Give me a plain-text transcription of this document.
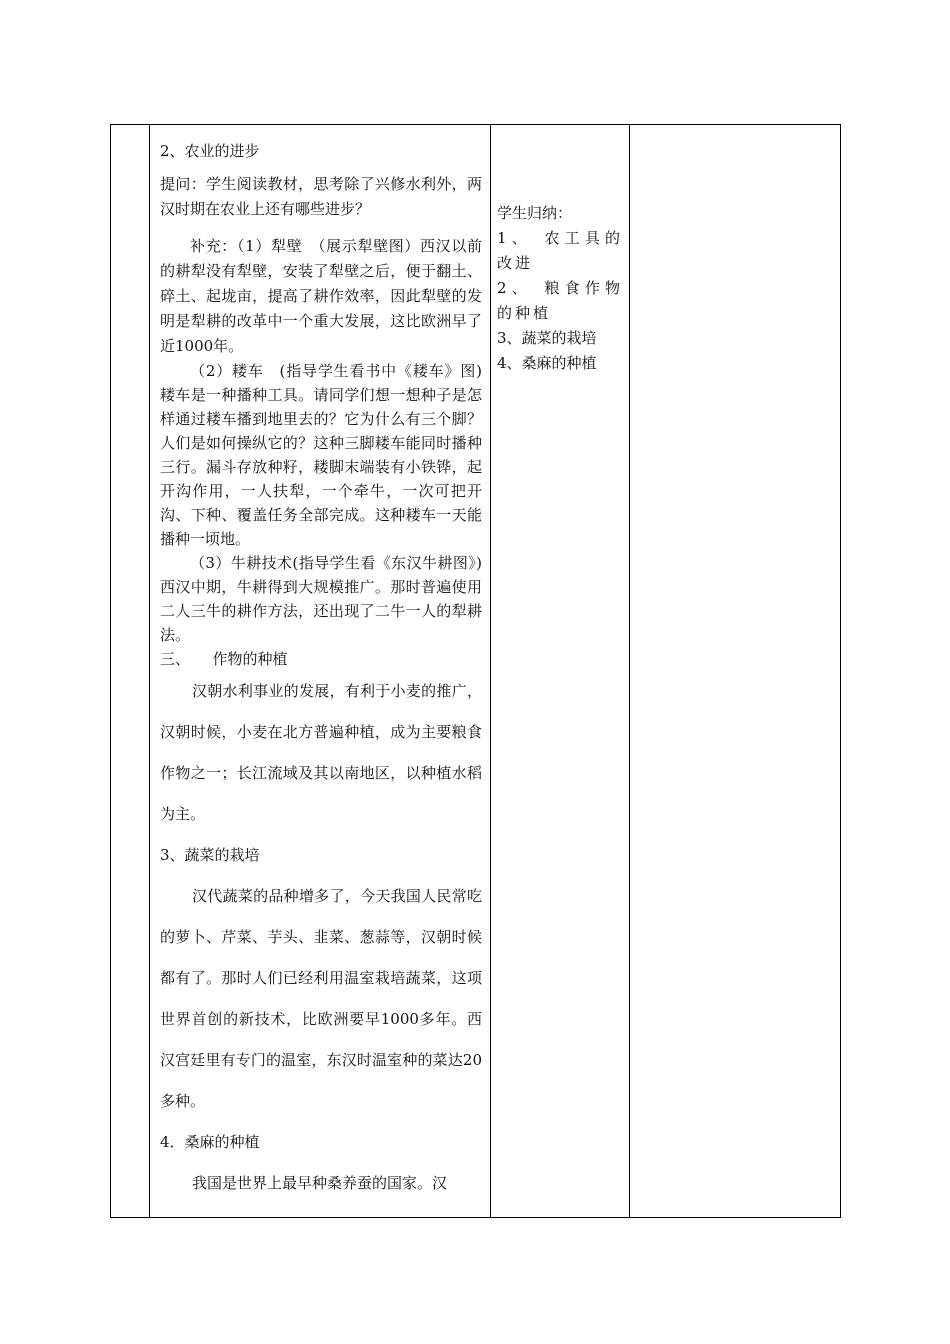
2、农业的进步

提问：学生阅读教材，思考除了兴修水利外，两汉时期在农业上还有哪些进步？

补充：（1）犁壁　（展示犁壁图）西汉以前的耕犁没有犁壁，安装了犁壁之后，便于翻土、碎土、起垅亩，提高了耕作效率，因此犁壁的发明是犁耕的改革中一个重大发展，这比欧洲早了近1000年。

（2）耧车　(指导学生看书中《耧车》图) 耧车是一种播种工具。请同学们想一想种子是怎样通过耧车播到地里去的？它为什么有三个脚？人们是如何操纵它的？这种三脚耧车能同时播种三行。漏斗存放种籽，耧脚末端装有小铁铧，起开沟作用，一人扶犁，一个牵牛，一次可把开沟、下种、覆盖任务全部完成。这种耧车一天能播种一顷地。

（3）牛耕技术(指导学生看《东汉牛耕图》)西汉中期，牛耕得到大规模推广。那时普遍使用二人三牛的耕作方法，还出现了二牛一人的犁耕法。

三、　　作物的种植

汉朝水利事业的发展，有利于小麦的推广，汉朝时候，小麦在北方普遍种植，成为主要粮食作物之一；长江流域及其以南地区，以种植水稻为主。

3、蔬菜的栽培

汉代蔬菜的品种增多了，今天我国人民常吃的萝卜、芹菜、芋头、韭菜、葱蒜等，汉朝时候都有了。那时人们已经利用温室栽培蔬菜，这项世界首创的新技术，比欧洲要早1000多年。西汉宫廷里有专门的温室，东汉时温室种的菜达20多种。

4．桑麻的种植

我国是世界上最早种桑养蚕的国家。汉

学生归纳：

1、　农工具的改进

2、　粮食作物的种植

3、蔬菜的栽培

4、桑麻的种植
